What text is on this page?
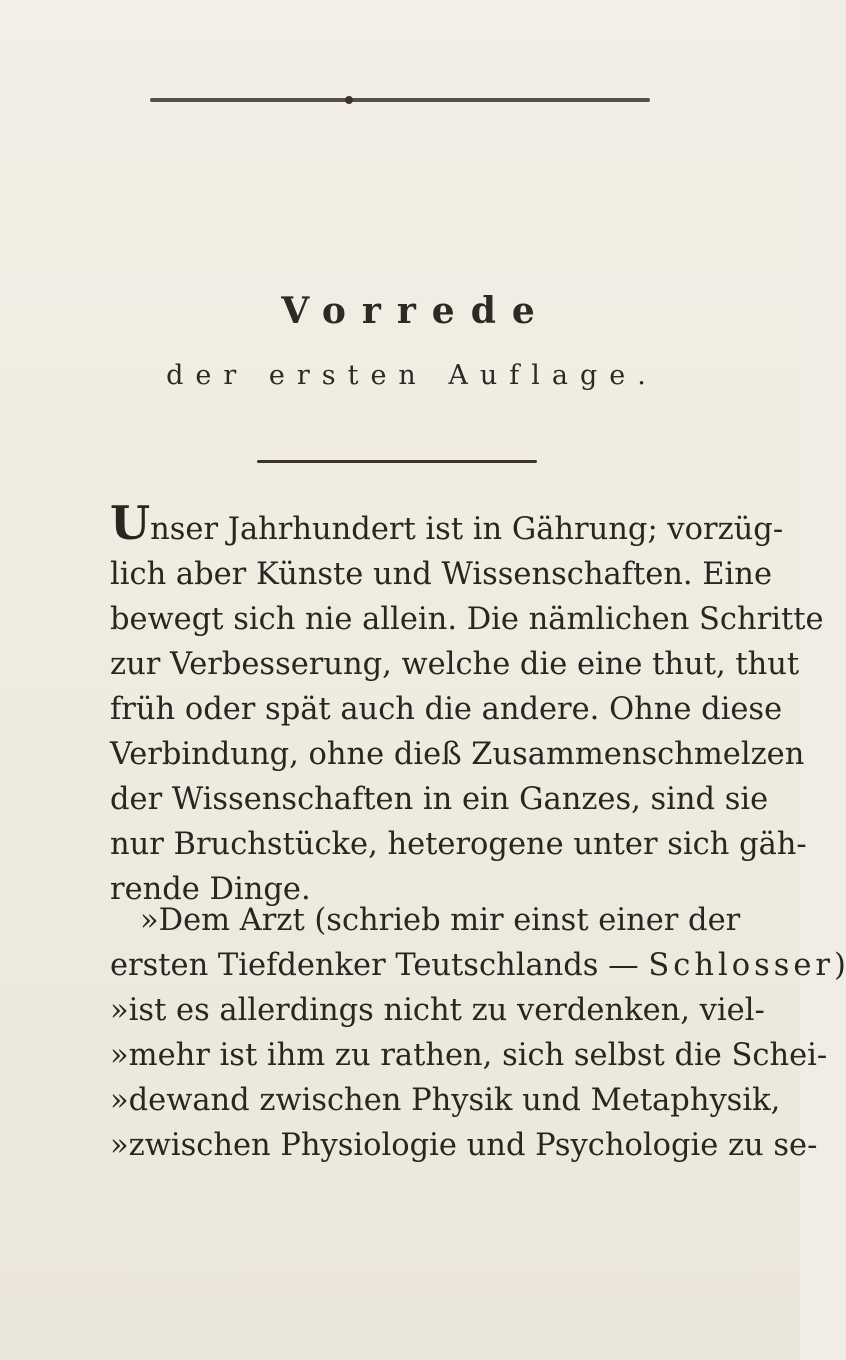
Vorrede
der ersten Auflage.
Unser Jahrhundert ist in Gährung; vorzüg-
lich aber Künste und Wissenschaften. Eine
bewegt sich nie allein. Die nämlichen Schritte
zur Verbesserung, welche die eine thut, thut
früh oder spät auch die andere. Ohne diese
Verbindung, ohne dieß Zusammenschmelzen
der Wissenschaften in ein Ganzes, sind sie
nur Bruchstücke, heterogene unter sich gäh-
rende Dinge.
»Dem Arzt (schrieb mir einst einer der
ersten Tiefdenker Teutschlands — Schlosser)
»ist es allerdings nicht zu verdenken, viel-
»mehr ist ihm zu rathen, sich selbst die Schei-
»dewand zwischen Physik und Metaphysik,
»zwischen Physiologie und Psychologie zu se-
